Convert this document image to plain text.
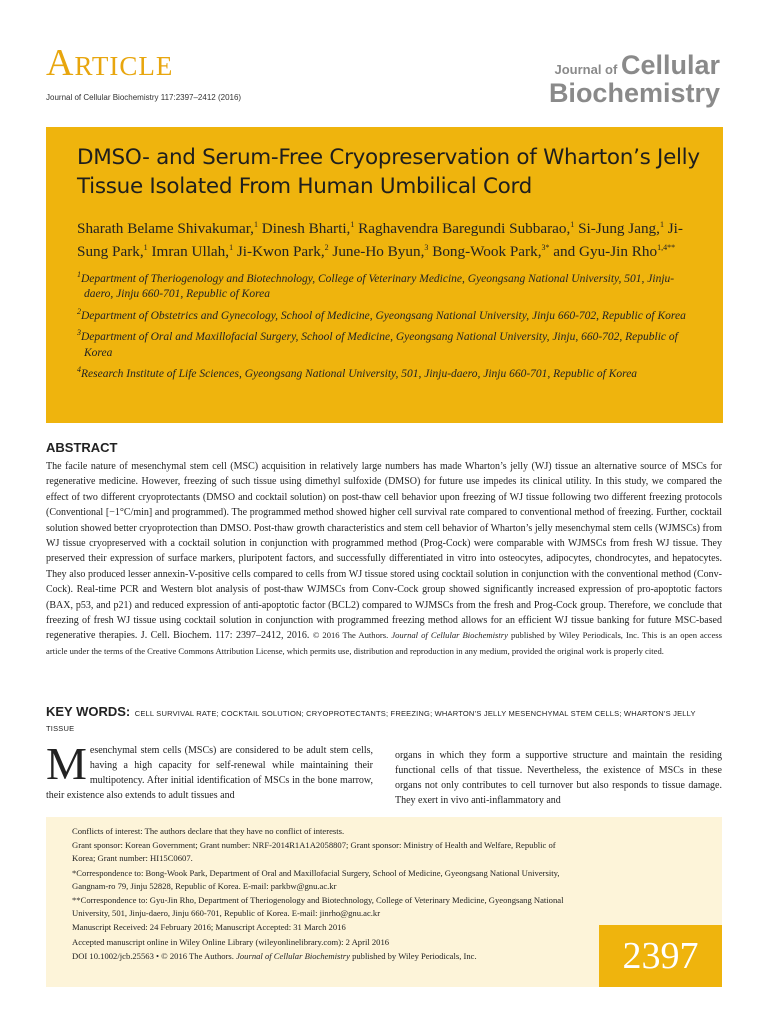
Article
Journal of Cellular Biochemistry 117:2397–2412 (2016)
Journal of Cellular
Biochemistry
DMSO- and Serum-Free Cryopreservation of Wharton’s Jelly Tissue Isolated From Human Umbilical Cord
Sharath Belame Shivakumar,$^1$ Dinesh Bharti,$^1$ Raghavendra Baregundi Subbarao,$^1$ Si-Jung Jang,$^1$ Ji-Sung Park,$^1$ Imran Ullah,$^1$ Ji-Kwon Park,$^2$ June-Ho Byun,$^3$ Bong-Wook Park,$^{3*}$ and Gyu-Jin Rho$^{1,4**}$
$^1$Department of Theriogenology and Biotechnology, College of Veterinary Medicine, Gyeongsang National University, 501, Jinju-daero, Jinju 660-701, Republic of Korea
$^2$Department of Obstetrics and Gynecology, School of Medicine, Gyeongsang National University, Jinju 660-702, Republic of Korea
$^3$Department of Oral and Maxillofacial Surgery, School of Medicine, Gyeongsang National University, Jinju, 660-702, Republic of Korea
$^4$Research Institute of Life Sciences, Gyeongsang National University, 501, Jinju-daero, Jinju 660-701, Republic of Korea
ABSTRACT
The facile nature of mesenchymal stem cell (MSC) acquisition in relatively large numbers has made Wharton’s jelly (WJ) tissue an alternative source of MSCs for regenerative medicine. However, freezing of such tissue using dimethyl sulfoxide (DMSO) for future use impedes its clinical utility. In this study, we compared the effect of two different cryoprotectants (DMSO and cocktail solution) on post-thaw cell behavior upon freezing of WJ tissue following two different freezing protocols (Conventional [−1°C/min] and programmed). The programmed method showed higher cell survival rate compared to conventional method of freezing. Further, cocktail solution showed better cryoprotection than DMSO. Post-thaw growth characteristics and stem cell behavior of Wharton’s jelly mesenchymal stem cells (WJMSCs) from WJ tissue cryopreserved with a cocktail solution in conjunction with programmed method (Prog-Cock) were comparable with WJMSCs from fresh WJ tissue. They preserved their expression of surface markers, pluripotent factors, and successfully differentiated in vitro into osteocytes, adipocytes, chondrocytes, and hepatocytes. They also produced lesser annexin-V-positive cells compared to cells from WJ tissue stored using cocktail solution in conjunction with the conventional method (Conv-Cock). Real-time PCR and Western blot analysis of post-thaw WJMSCs from Conv-Cock group showed significantly increased expression of pro-apoptotic factors (BAX, p53, and p21) and reduced expression of anti-apoptotic factor (BCL2) compared to WJMSCs from the fresh and Prog-Cock group. Therefore, we conclude that freezing of fresh WJ tissue using cocktail solution in conjunction with programmed freezing method allows for an efficient WJ tissue banking for future MSC-based regenerative therapies. J. Cell. Biochem. 117: 2397–2412, 2016. © 2016 The Authors. Journal of Cellular Biochemistry published by Wiley Periodicals, Inc. This is an open access article under the terms of the Creative Commons Attribution License, which permits use, distribution and reproduction in any medium, provided the original work is properly cited.
KEY WORDS: CELL SURVIVAL RATE; COCKTAIL SOLUTION; CRYOPROTECTANTS; FREEZING; WHARTON’S JELLY MESENCHYMAL STEM CELLS; WHARTON’S JELLY TISSUE
Mesenchymal stem cells (MSCs) are considered to be adult stem cells, having a high capacity for self-renewal while maintaining their multipotency. After initial identification of MSCs in the bone marrow, their existence also extends to adult tissues and
organs in which they form a supportive structure and maintain the residing functional cells of that tissue. Nevertheless, the existence of MSCs in these organs not only contributes to cell turnover but also responds to tissue damage. They exert in vivo anti-inflammatory and

Conflicts of interest: The authors declare that they have no conflict of interests.

Grant sponsor: Korean Government; Grant number: NRF-2014R1A1A2058807; Grant sponsor: Ministry of Health and Welfare, Republic of Korea; Grant number: HI15C0607.

*Correspondence to: Bong-Wook Park, Department of Oral and Maxillofacial Surgery, School of Medicine, Gyeongsang National University, Gangnam-ro 79, Jinju 52828, Republic of Korea. E-mail: parkbw@gnu.ac.kr

**Correspondence to: Gyu-Jin Rho, Department of Theriogenology and Biotechnology, College of Veterinary Medicine, Gyeongsang National University, 501, Jinju-daero, Jinju 660-701, Republic of Korea. E-mail: jinrho@gnu.ac.kr

Manuscript Received: 24 February 2016; Manuscript Accepted: 31 March 2016

Accepted manuscript online in Wiley Online Library (wileyonlinelibrary.com): 2 April 2016

DOI 10.1002/jcb.25563 • © 2016 The Authors. Journal of Cellular Biochemistry published by Wiley Periodicals, Inc.	2397
